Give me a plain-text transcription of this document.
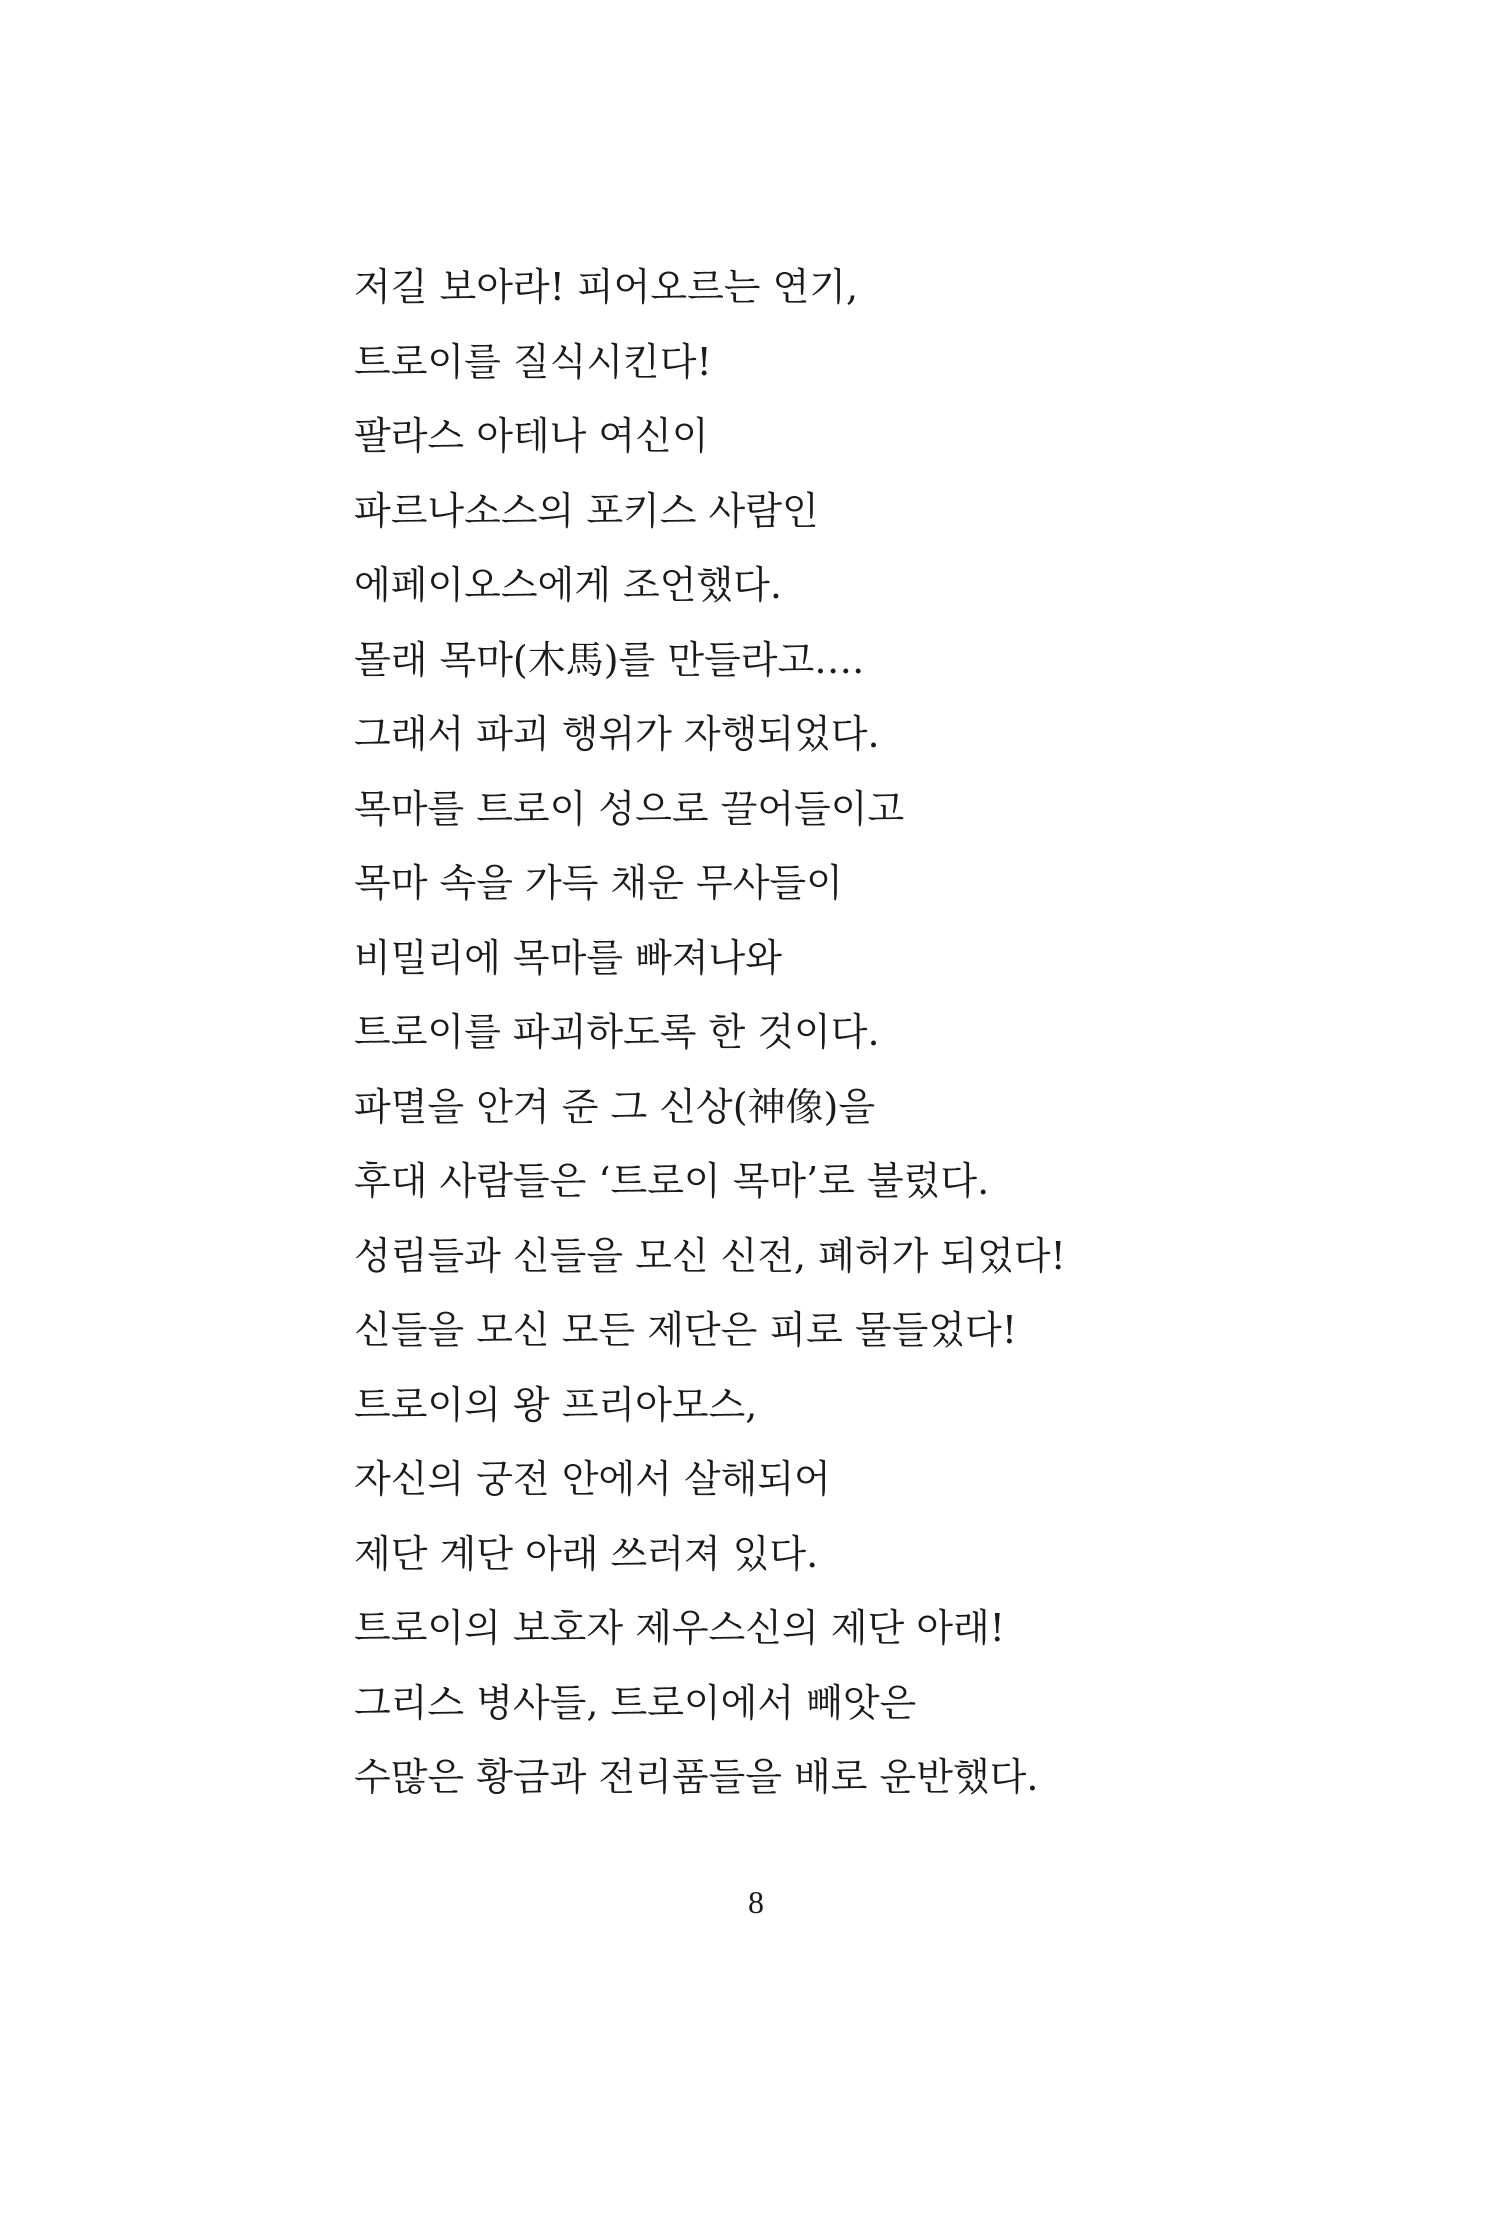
저길 보아라! 피어오르는 연기,
트로이를 질식시킨다!
팔라스 아테나 여신이
파르나소스의 포키스 사람인
에페이오스에게 조언했다.
몰래 목마(木馬)를 만들라고….
그래서 파괴 행위가 자행되었다.
목마를 트로이 성으로 끌어들이고
목마 속을 가득 채운 무사들이
비밀리에 목마를 빠져나와
트로이를 파괴하도록 한 것이다.
파멸을 안겨 준 그 신상(神像)을
후대 사람들은 ‘트로이 목마’로 불렀다.
성림들과 신들을 모신 신전, 폐허가 되었다!
신들을 모신 모든 제단은 피로 물들었다!
트로이의 왕 프리아모스,
자신의 궁전 안에서 살해되어
제단 계단 아래 쓰러져 있다.
트로이의 보호자 제우스신의 제단 아래!
그리스 병사들, 트로이에서 빼앗은
수많은 황금과 전리품들을 배로 운반했다.
8
